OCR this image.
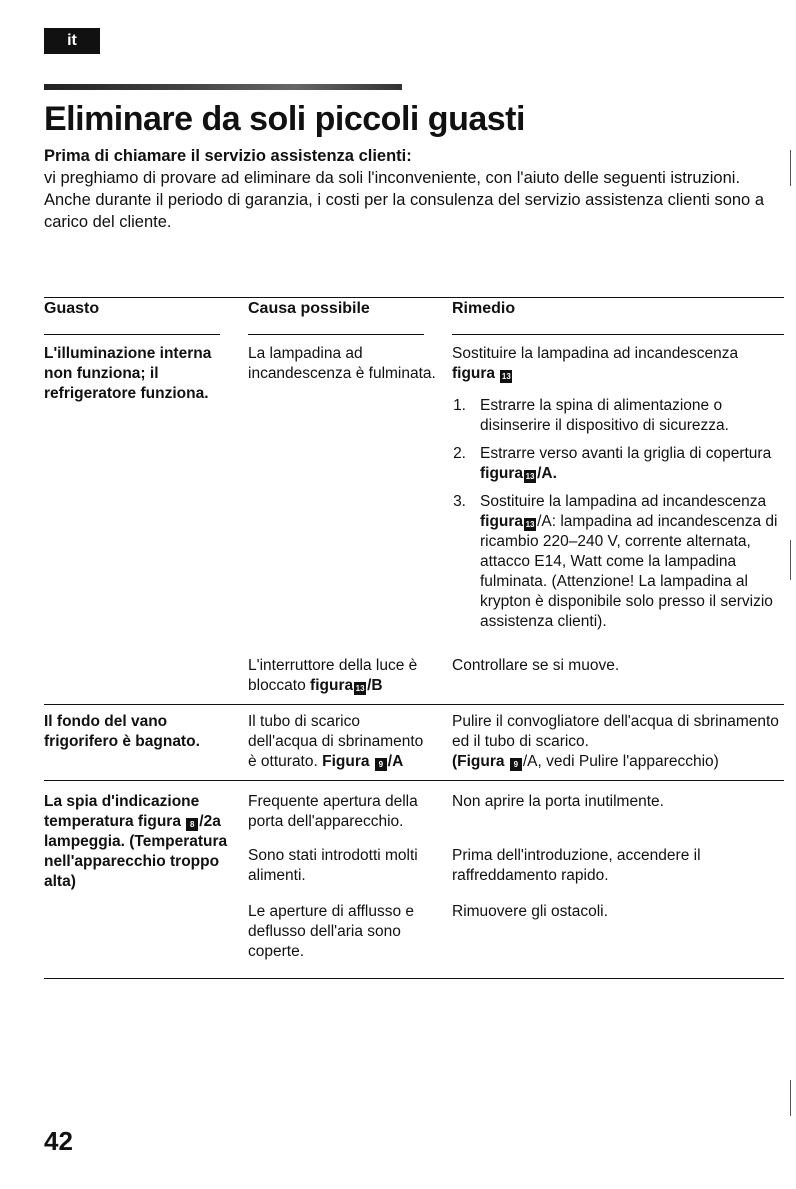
it
Eliminare da soli piccoli guasti
Prima di chiamare il servizio assistenza clienti:
vi preghiamo di provare ad eliminare da soli l'inconveniente, con l'aiuto delle seguenti istruzioni.
Anche durante il periodo di garanzia, i costi per la consulenza del servizio assistenza clienti sono a carico del cliente.
Guasto	Causa possibile	Rimedio
L'illuminazione interna non funziona; il refrigeratore funziona.
La lampadina ad incandescenza è fulminata.
Sostituire la lampadina ad incandescenza
figura 13
1. Estrarre la spina di alimentazione o disinserire il dispositivo di sicurezza.
2. Estrarre verso avanti la griglia di copertura figura 13 /A.
3. Sostituire la lampadina ad incandescenza figura 13 /A: lampadina ad incandescenza di ricambio 220–240 V, corrente alternata, attacco E14, Watt come la lampadina fulminata. (Attenzione! La lampadina al krypton è disponibile solo presso il servizio assistenza clienti).
L'interruttore della luce è bloccato figura 13 /B
Controllare se si muove.
Il fondo del vano frigorifero è bagnato.
Il tubo di scarico dell'acqua di sbrinamento è otturato. Figura 9 /A
Pulire il convogliatore dell'acqua di sbrinamento ed il tubo di scarico.
(Figura 9 /A, vedi Pulire l'apparecchio)
La spia d'indicazione temperatura figura 8 /2a lampeggia. (Temperatura nell'apparecchio troppo alta)
Frequente apertura della porta dell'apparecchio.
Non aprire la porta inutilmente.
Sono stati introdotti molti alimenti.
Prima dell'introduzione, accendere il raffreddamento rapido.
Le aperture di afflusso e deflusso dell'aria sono coperte.
Rimuovere gli ostacoli.
42
